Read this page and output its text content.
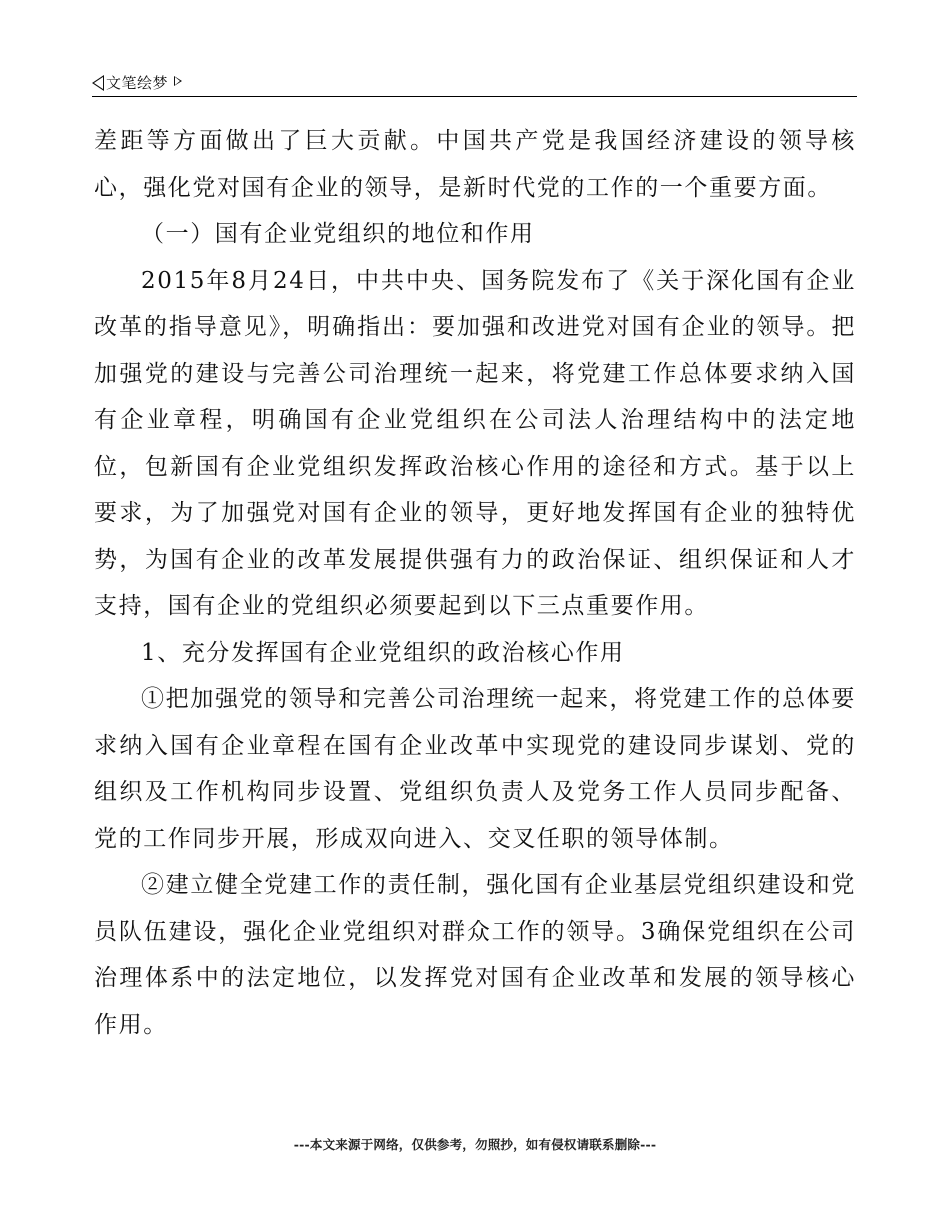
文笔绘梦

差距等方面做出了巨大贡献。中国共产党是我国经济建设的领导核心，强化党对国有企业的领导，是新时代党的工作的一个重要方面。

（一）国有企业党组织的地位和作用

2015年8月24日，中共中央、国务院发布了《关于深化国有企业改革的指导意见》，明确指出：要加强和改进党对国有企业的领导。把加强党的建设与完善公司治理统一起来，将党建工作总体要求纳入国有企业章程，明确国有企业党组织在公司法人治理结构中的法定地位，包新国有企业党组织发挥政治核心作用的途径和方式。基于以上要求，为了加强党对国有企业的领导，更好地发挥国有企业的独特优势，为国有企业的改革发展提供强有力的政治保证、组织保证和人才支持，国有企业的党组织必须要起到以下三点重要作用。

1、充分发挥国有企业党组织的政治核心作用

①把加强党的领导和完善公司治理统一起来，将党建工作的总体要求纳入国有企业章程在国有企业改革中实现党的建设同步谋划、党的组织及工作机构同步设置、党组织负责人及党务工作人员同步配备、党的工作同步开展，形成双向进入、交叉任职的领导体制。

②建立健全党建工作的责任制，强化国有企业基层党组织建设和党员队伍建设，强化企业党组织对群众工作的领导。3确保党组织在公司治理体系中的法定地位，以发挥党对国有企业改革和发展的领导核心作用。

---本文来源于网络，仅供参考，勿照抄，如有侵权请联系删除---
